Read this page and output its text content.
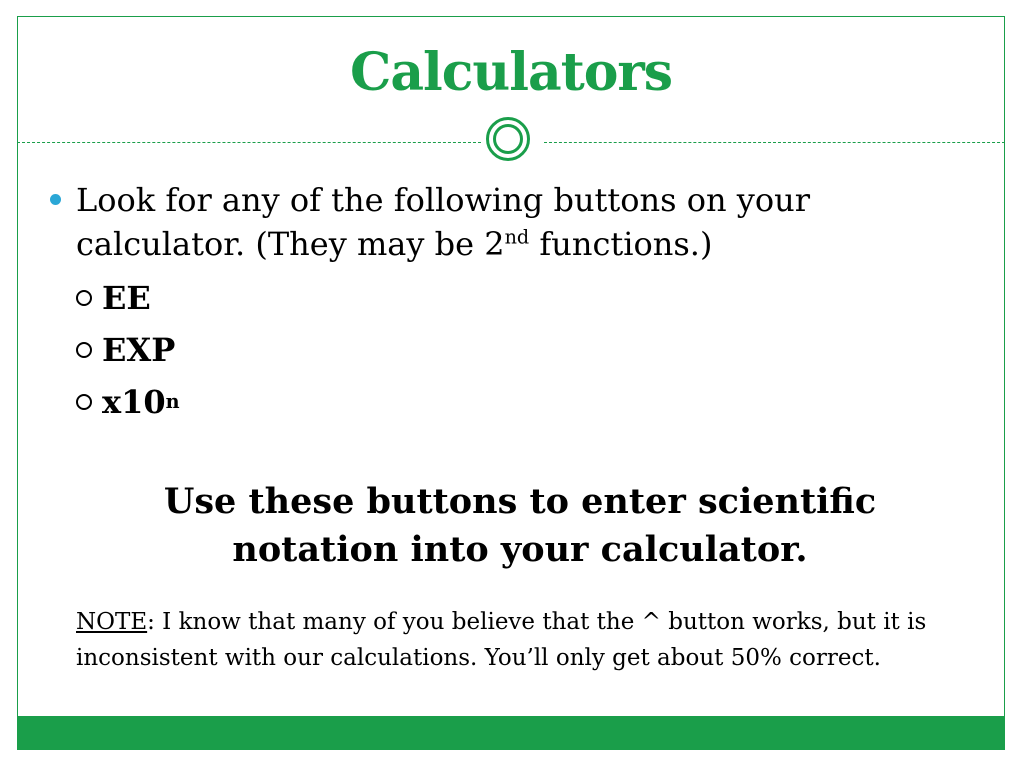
Calculators
Look for any of the following buttons on your calculator. (They may be 2nd functions.)
EE
EXP
x10 n
Use these buttons to enter scientific notation into your calculator.
NOTE: I know that many of you believe that the ^ button works, but it is inconsistent with our calculations. You’ll only get about 50% correct.
